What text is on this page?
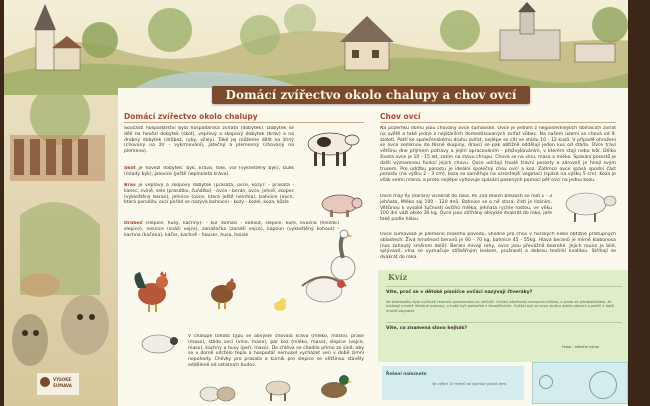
Domácí zvířectvo okolo chalupy a chov ovcí
Domácí zvířectvo okolo chalupy

Součástí hospodářství byla hospodářská zvířata (dobytek). Dobytek se dělí na hovězí dobytek (skot), vepřový a skopový dobytek (brav) a na drobný dobytek (drůbež, ryby, včely). Také jej můžeme dělit na žírný (chovaný na žír - vykrmování), jatečný a plemenný (chovaný na plemeno).

Skot je hovězí dobytek: býk, kráva, tele, vůl (vykleštěný býk), bulík (mladý býk), jalovice (ještě neplnoletá kráva).

Brav je vepřový a skopový dobytek (prasata, ovce, kozy): - prasata - kanec, svině, sele (prasátko, čuňátko) - ovce - beran, ovce, jehně, skopec (vykleštěný beran), jehnice (ovce, která ještě nevrhla), bahnice (ovce, která porodila, ovcí pořád se nazývá bahnice) - kozy - kozel, koza, kůzle

Drůbež (slepice, husy, kachny): - kur domácí - kohout, slepice, kuře, kvočna (hnízdící slepice), nosnice (snáší vejce), zanášečka (zanáší vejce), kapoun (vykleštěný kohout) - kachna (kačena), kačer, kachně - houser, husa, house

V chalupě tohoto typu se obvykle chovala kráva (mléko, máslo), prase (maso), stádo ovcí (vlna, maso), pár koz (mléko, maso), slepice (vejce, maso), kachny a husy (peří, maso). Do chléva se chodilo přímo ze síně, aby se v domě udrželo teplo a hospodář nemusel vycházet ven v době zimní nepohody. Chlívky pro prasata a kurník pro slepice se většinou stavěly odděleně od ostatních budov.

Chov ovcí

Na pozemku domu jsou chovány ovce šumavské. Ovce je jedním z nejposlednějších domácích zvířat na světě a také jedno z nejstarších domestikovaných zvířat vůbec. Na našem území se chová od 9. století. Patří ke společenskému druhu zvířat, nejlépe se cítí ve stádu 10 - 12 kusů. V případě ohrožení se ovce semknou do těsné skupiny, dravci se pak obtížně oddělují jeden kus od stáda. Ovce tráví většinu dne příjmem potravy a jejím opracováním - přežvykováním, v kterém stojí nebo leží. Délka života ovce je 10 - 15 let, zatím na stavu chrupu. Chová se na vlnu, maso a mléko. Spásání porostů je další významnou funkcí jejich chovu. Ovce udržují trvalé travní porosty a zároveň je hnojí svým trusem. Pro údržbu porostu je ideální společný chov ovcí a koz. Zatímco ovce spásá spodní část porostu (na výšku 2 - 3 cm), koza se zaměřuje na vzrostlejší vegetaci (spásá na výšku 5 cm). Koza je však velmi mlsná, a proto nejlépe vyhovuje spásání pasených pomocí pět ovcí na jednu kozu.

Ovce mají fiji (hárání) vícekrát do roka. Po 150 dnech březosti se rodí 1 - 3 jehňata. Mléko saj 100 - 120 dnů. Bahnice se o ně stará, čistí je lízáním. Většinou k vysoké tučnosti ovčího mléka, jehňata rychle rostou, ve věku 100 dní váží okolo 30 kg. Ovce jsou stříhány obvykle dvakrát do roka, jaře také podle hlásu.

Ovce šumavská je plemeno českého původu, vhodné pro chov v horských nebo obtížně přístupných oblastech. Živá hmotnost beranů je 60 - 70 kg, bahnice 45 - 55kg. Hlava beranů je mírně klabonosa (nos zahnutý směrem dolů). Berani mívají rohy, ovce jsou převážně bezrohé. Jejich rouno je bílé, splývavé, vlna se vyznačuje střiběřným leskem, pružností a dobrou textilní kvalitou. Stříhají se dvakrát do roka.

Kvíz
Víte, proč se v dětské písničce ovčáci nazývají čtveráky?
Ve středověku bylo ovčácké řemeslo považováno za nečisté. Ovčáci ošetřovali nemocná zvířata, a proto se předpokládalo, že ovládají mnohé léčebné postupy, a tudíž byli podezřelí z čarodějnictví. Ovčáci byli za svou službu dobře placeni a patřili k lepší vrstvě obyvatel.
Víte, co znamená slovo kejhák?
Husa - nářeční výraz
Řešení naleznete
Ve výšce 13 metrů se nachází pravá zem.
VYSOKÉ
ŠUMAVA
